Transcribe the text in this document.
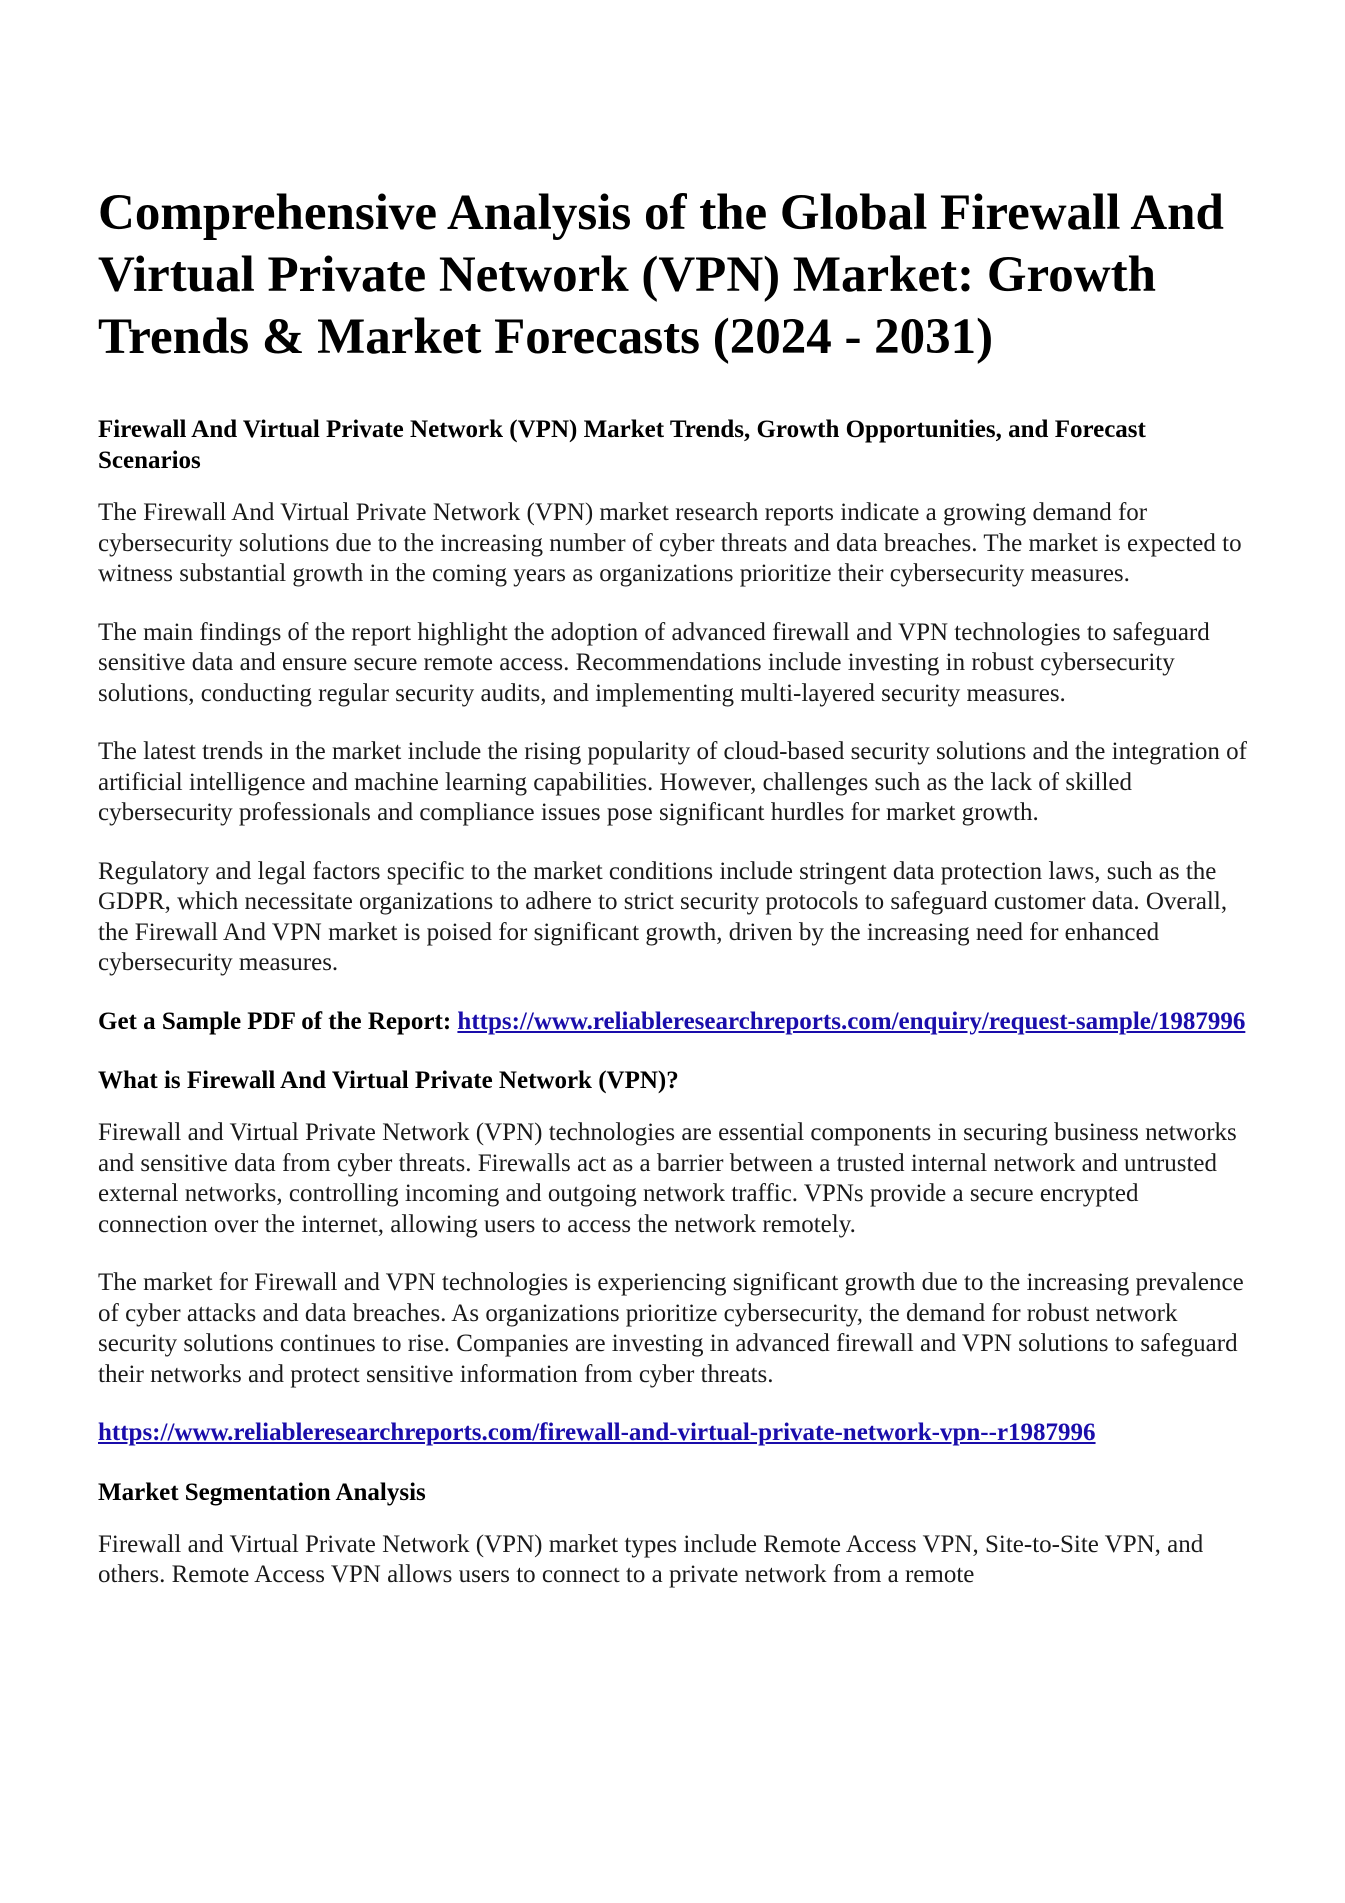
Comprehensive Analysis of the Global Firewall And Virtual Private Network (VPN) Market: Growth Trends & Market Forecasts (2024 - 2031)
Firewall And Virtual Private Network (VPN) Market Trends, Growth Opportunities, and Forecast Scenarios

The Firewall And Virtual Private Network (VPN) market research reports indicate a growing demand for cybersecurity solutions due to the increasing number of cyber threats and data breaches. The market is expected to witness substantial growth in the coming years as organizations prioritize their cybersecurity measures.

The main findings of the report highlight the adoption of advanced firewall and VPN technologies to safeguard sensitive data and ensure secure remote access. Recommendations include investing in robust cybersecurity solutions, conducting regular security audits, and implementing multi-layered security measures.

The latest trends in the market include the rising popularity of cloud-based security solutions and the integration of artificial intelligence and machine learning capabilities. However, challenges such as the lack of skilled cybersecurity professionals and compliance issues pose significant hurdles for market growth.

Regulatory and legal factors specific to the market conditions include stringent data protection laws, such as the GDPR, which necessitate organizations to adhere to strict security protocols to safeguard customer data. Overall, the Firewall And VPN market is poised for significant growth, driven by the increasing need for enhanced cybersecurity measures.

Get a Sample PDF of the Report: https://www.reliableresearchreports.com/enquiry/request-sample/1987996

What is Firewall And Virtual Private Network (VPN)?

Firewall and Virtual Private Network (VPN) technologies are essential components in securing business networks and sensitive data from cyber threats. Firewalls act as a barrier between a trusted internal network and untrusted external networks, controlling incoming and outgoing network traffic. VPNs provide a secure encrypted connection over the internet, allowing users to access the network remotely.

The market for Firewall and VPN technologies is experiencing significant growth due to the increasing prevalence of cyber attacks and data breaches. As organizations prioritize cybersecurity, the demand for robust network security solutions continues to rise. Companies are investing in advanced firewall and VPN solutions to safeguard their networks and protect sensitive information from cyber threats.

https://www.reliableresearchreports.com/firewall-and-virtual-private-network-vpn--r1987996

Market Segmentation Analysis

Firewall and Virtual Private Network (VPN) market types include Remote Access VPN, Site-to-Site VPN, and others. Remote Access VPN allows users to connect to a private network from a remote
